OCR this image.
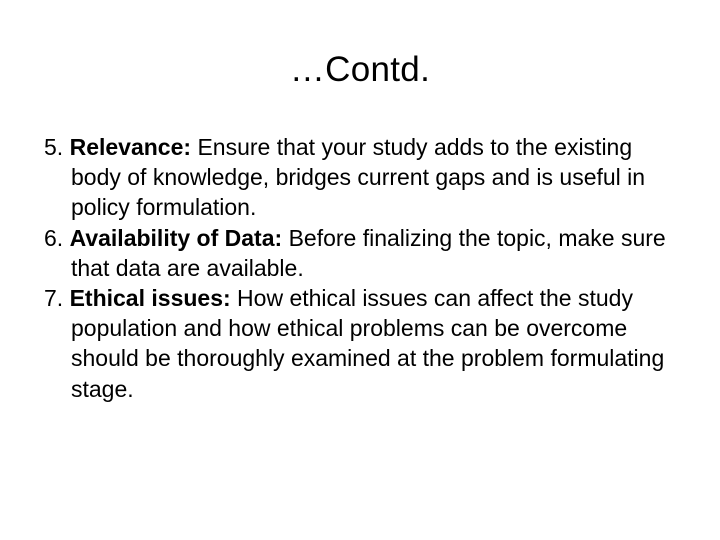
…Contd.

5. Relevance: Ensure that your study adds to the existing body of knowledge, bridges current gaps and is useful in policy formulation.

6. Availability of Data: Before finalizing the topic, make sure that data are available.

7. Ethical issues: How ethical issues can affect the study population and how ethical problems can be overcome should be thoroughly examined at the problem formulating stage.
